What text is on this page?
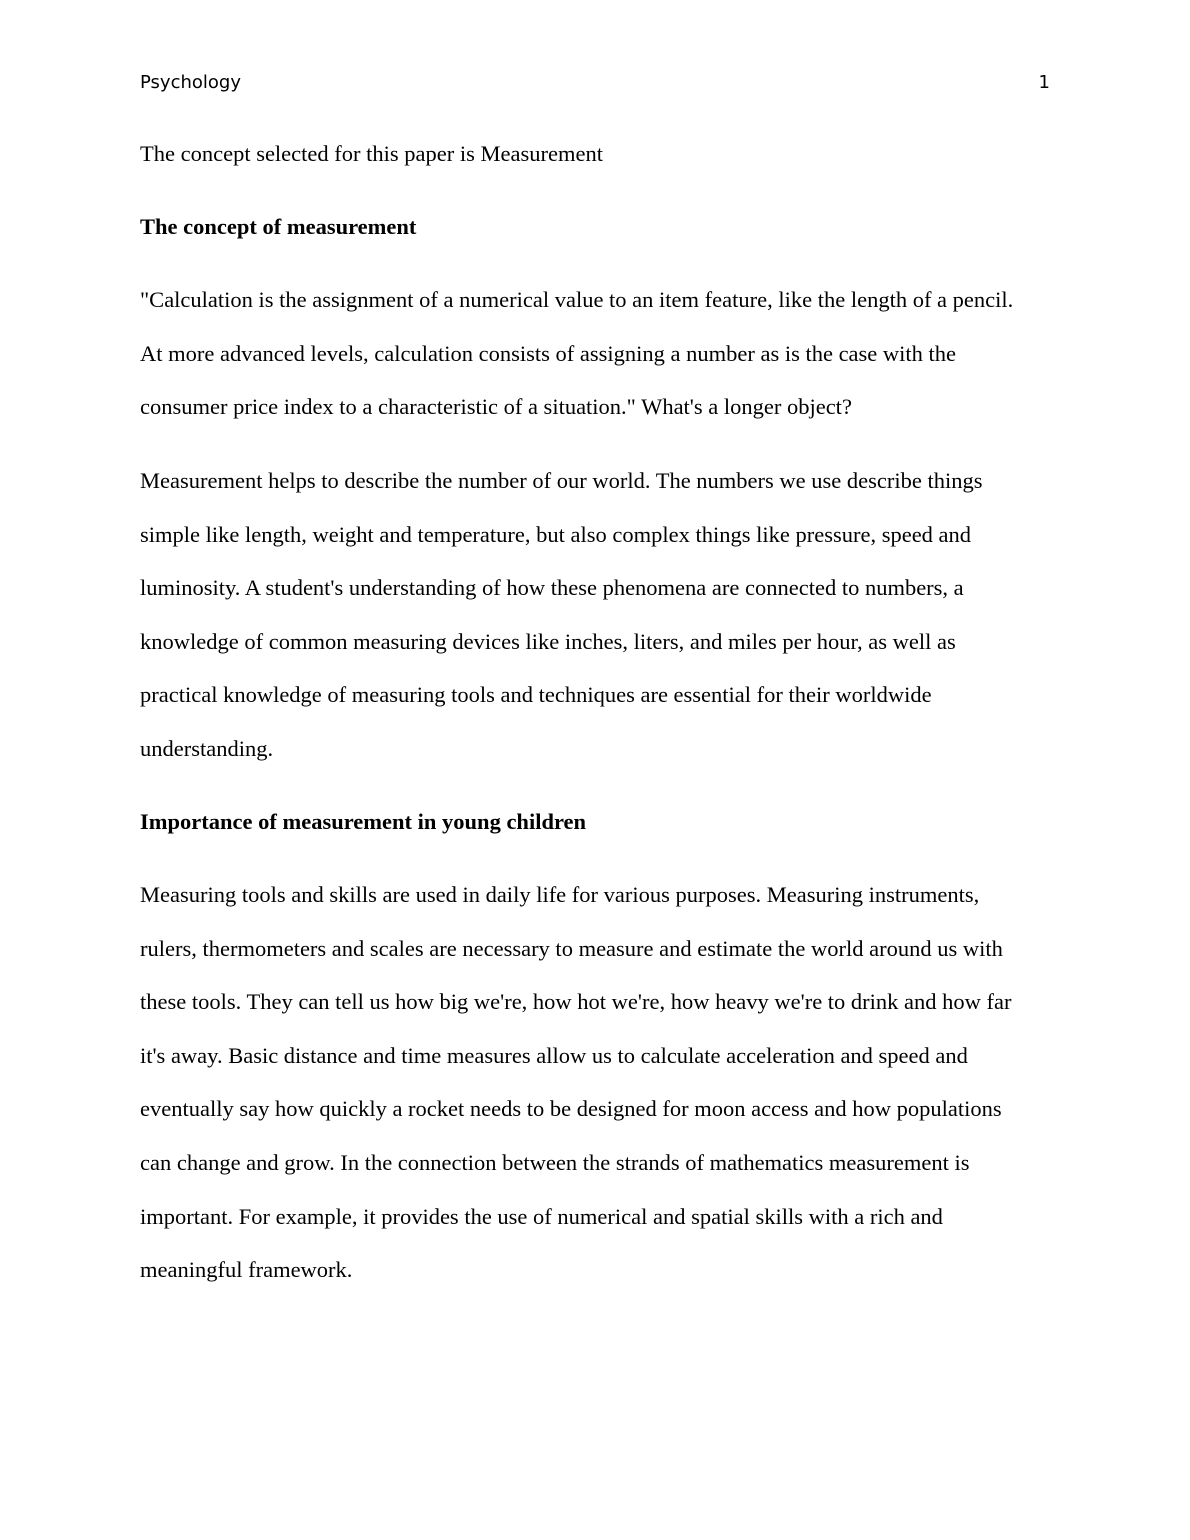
Psychology	1
The concept selected for this paper is Measurement
The concept of measurement
"Calculation is the assignment of a numerical value to an item feature, like the length of a pencil.
At more advanced levels, calculation consists of assigning a number as is the case with the
consumer price index to a characteristic of a situation." What's a longer object?
Measurement helps to describe the number of our world. The numbers we use describe things
simple like length, weight and temperature, but also complex things like pressure, speed and
luminosity. A student's understanding of how these phenomena are connected to numbers, a
knowledge of common measuring devices like inches, liters, and miles per hour, as well as
practical knowledge of measuring tools and techniques are essential for their worldwide
understanding.
Importance of measurement in young children
Measuring tools and skills are used in daily life for various purposes. Measuring instruments,
rulers, thermometers and scales are necessary to measure and estimate the world around us with
these tools. They can tell us how big we're, how hot we're, how heavy we're to drink and how far
it's away. Basic distance and time measures allow us to calculate acceleration and speed and
eventually say how quickly a rocket needs to be designed for moon access and how populations
can change and grow. In the connection between the strands of mathematics measurement is
important. For example, it provides the use of numerical and spatial skills with a rich and
meaningful framework.
